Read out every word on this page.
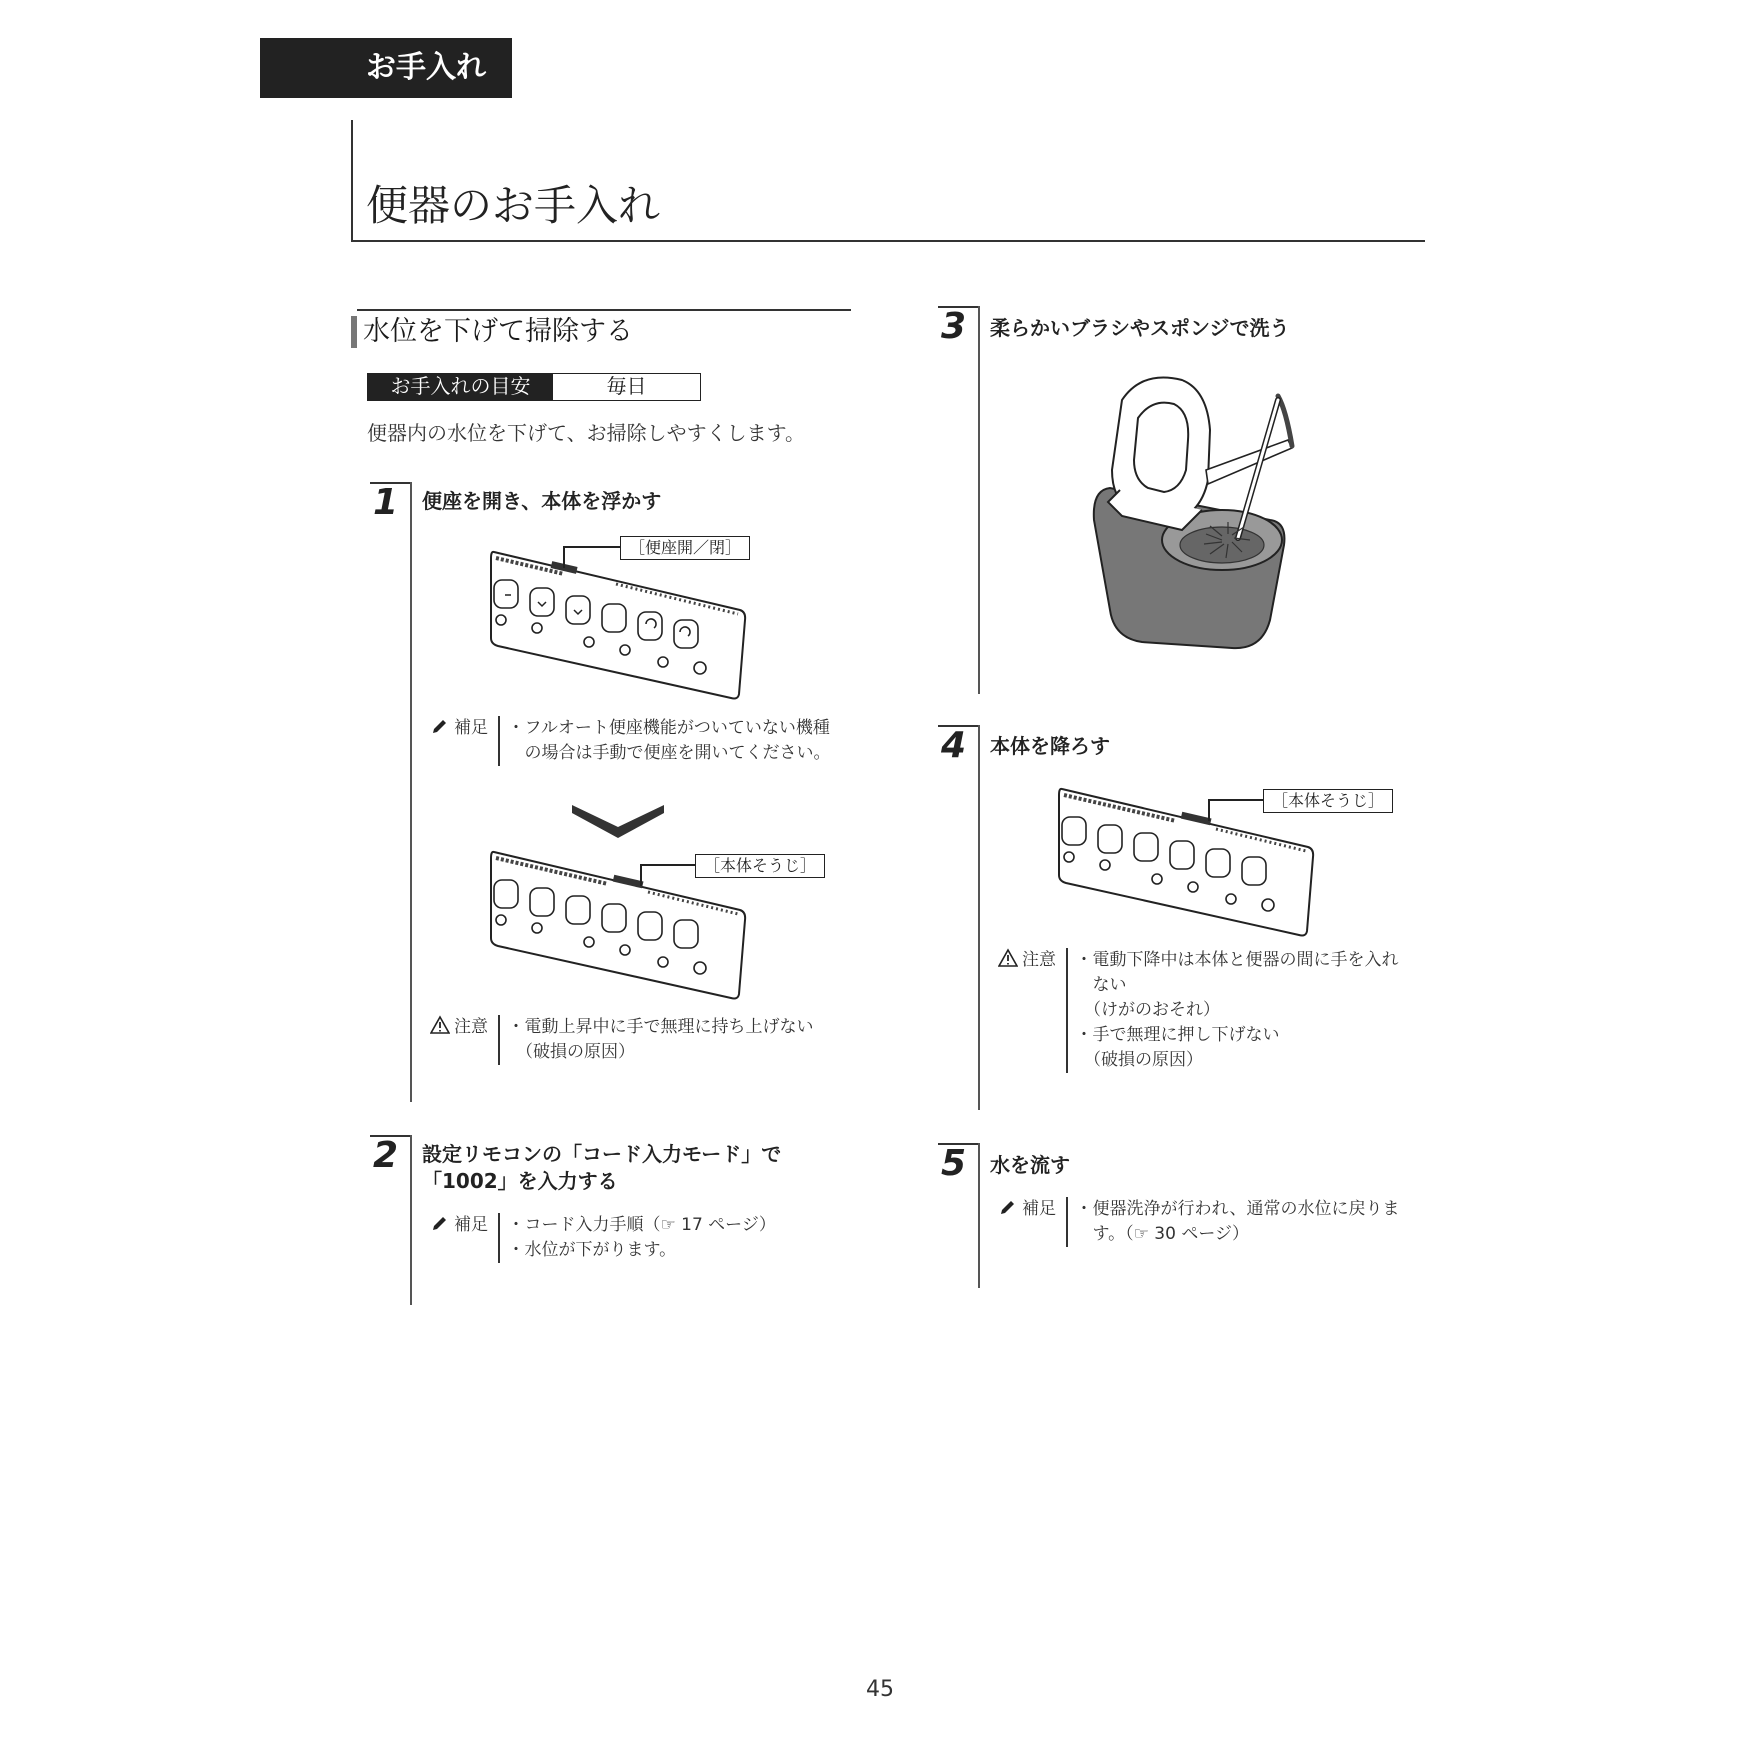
お手入れ
便器のお手入れ
水位を下げて掃除する
お手入れの目安	毎日
便器内の水位を下げて、お掃除しやすくします。
1 便座を開き、本体を浮かす
［便座開／閉］
補足 ・フルオート便座機能がついていない機種
　の場合は手動で便座を開いてください。
［本体そうじ］
注意 ・電動上昇中に手で無理に持ち上げない
　（破損の原因）
2 設定リモコンの「コード入力モード」で
「1002」を入力する
補足 ・コード入力手順（☞ 17 ページ）
・水位が下がります。
3 柔らかいブラシやスポンジで洗う
4 本体を降ろす
［本体そうじ］
注意 ・電動下降中は本体と便器の間に手を入れ
　ない
　（けがのおそれ）
・手で無理に押し下げない
　（破損の原因）
5 水を流す
補足 ・便器洗浄が行われ、通常の水位に戻りま
　す。（☞ 30 ページ）
45
